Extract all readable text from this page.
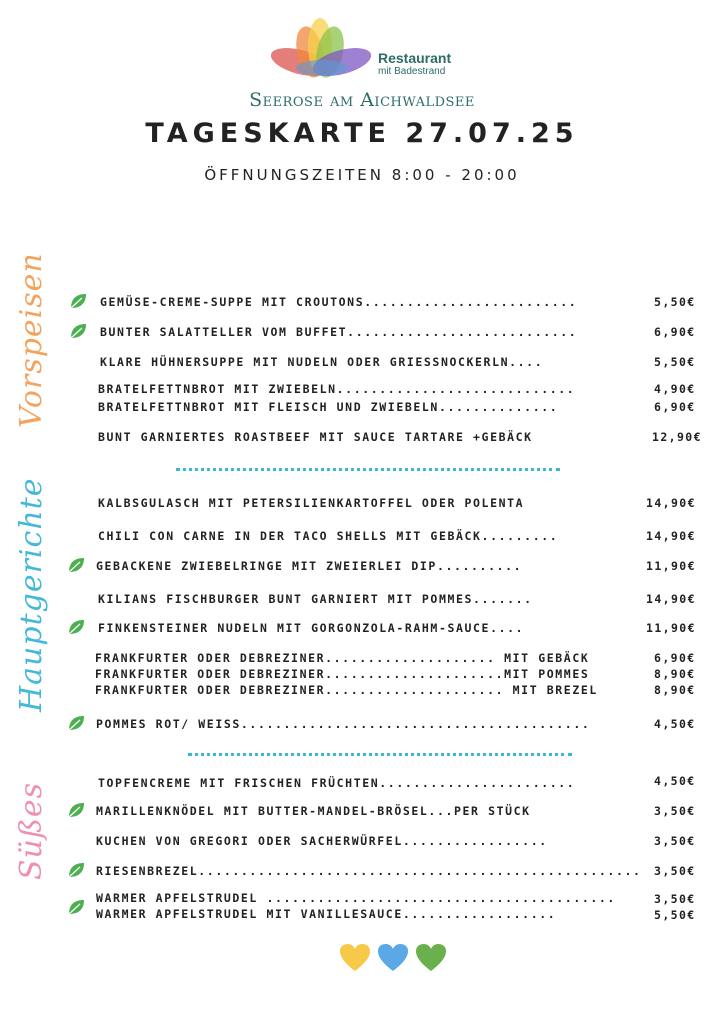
Restaurant
mit Badestrand
Seerose am Aichwaldsee
TAGESKARTE 27.07.25
ÖFFNUNGSZEITEN 8:00 - 20:00
Vorspeisen
Hauptgerichte
Süßes
GEMÜSE-CREME-SUPPE MIT CROUTONS.........................	5,50€
BUNTER SALATTELLER VOM BUFFET...........................	6,90€
KLARE HÜHNERSUPPE MIT NUDELN ODER GRIESSNOCKERLN....	5,50€
BRATELFETTNBROT MIT ZWIEBELN............................	4,90€
BRATELFETTNBROT MIT FLEISCH UND ZWIEBELN..............	6,90€
BUNT GARNIERTES ROASTBEEF MIT SAUCE TARTARE +GEBÄCK	12,90€
KALBSGULASCH MIT PETERSILIENKARTOFFEL ODER POLENTA	14,90€
CHILI CON CARNE IN DER TACO SHELLS MIT GEBÄCK.........	14,90€
GEBACKENE ZWIEBELRINGE MIT ZWEIERLEI DIP..........	11,90€
KILIANS FISCHBURGER BUNT GARNIERT MIT POMMES.......	14,90€
FINKENSTEINER NUDELN MIT GORGONZOLA-RAHM-SAUCE....	11,90€
FRANKFURTER ODER DEBREZINER.................... MIT GEBÄCK	6,90€
FRANKFURTER ODER DEBREZINER.....................MIT POMMES	8,90€
FRANKFURTER ODER DEBREZINER..................... MIT BREZEL	8,90€
POMMES ROT/ WEISS.........................................	4,50€
TOPFENCREME MIT FRISCHEN FRÜCHTEN.......................	4,50€
MARILLENKNÖDEL MIT BUTTER-MANDEL-BRÖSEL...PER STÜCK	3,50€
KUCHEN VON GREGORI ODER SACHERWÜRFEL.................	3,50€
RIESENBREZEL.................................................... 3,50€
WARMER APFELSTRUDEL .........................................	3,50€
WARMER APFELSTRUDEL MIT VANILLESAUCE..................	5,50€
